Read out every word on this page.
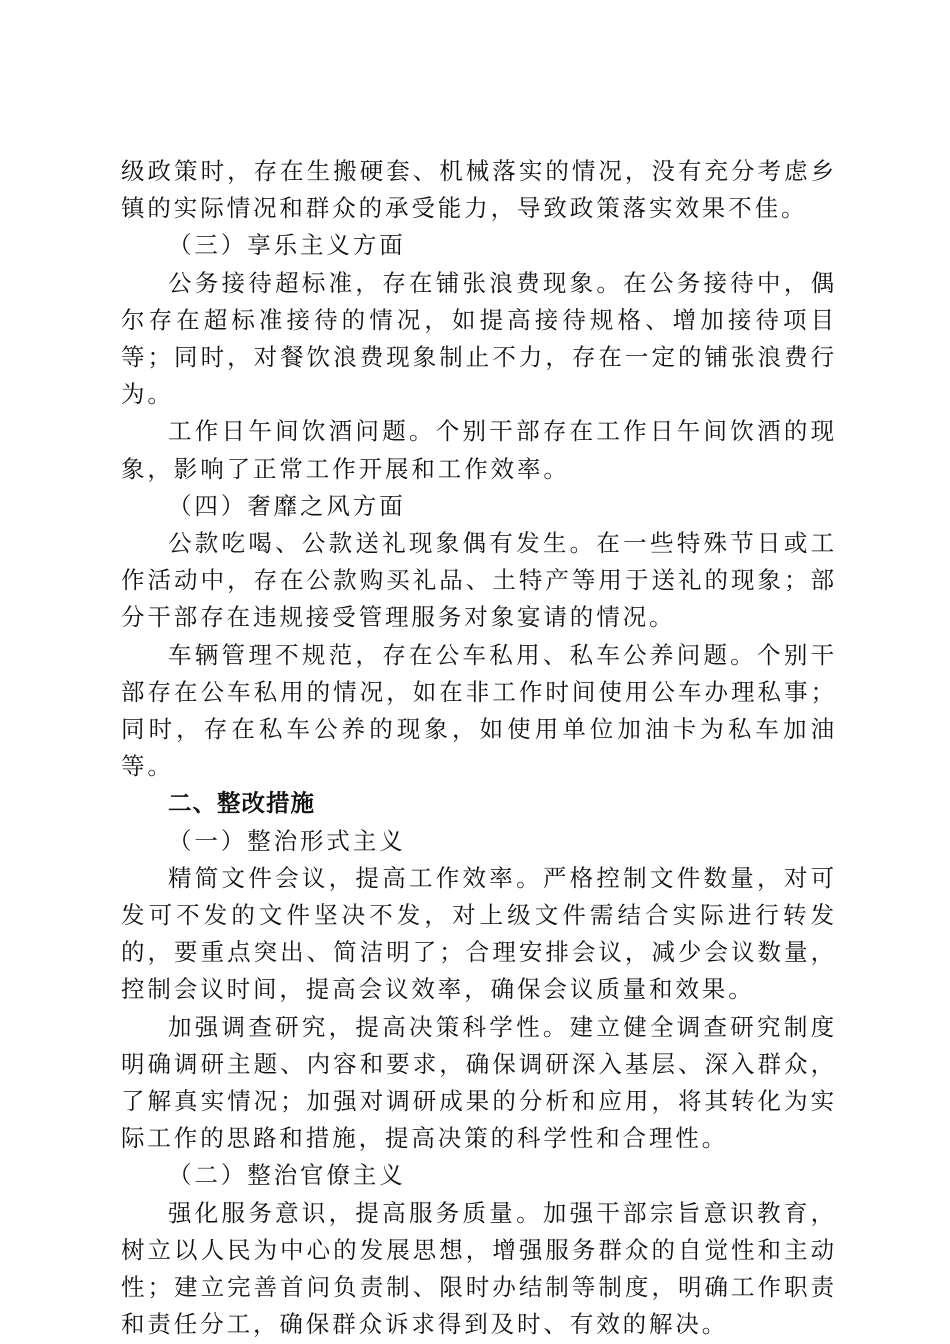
级政策时，存在生搬硬套、机械落实的情况，没有充分考虑乡镇的实际情况和群众的承受能力，导致政策落实效果不佳。

（三）享乐主义方面

公务接待超标准，存在铺张浪费现象。在公务接待中，偶尔存在超标准接待的情况，如提高接待规格、增加接待项目等；同时，对餐饮浪费现象制止不力，存在一定的铺张浪费行为。

工作日午间饮酒问题。个别干部存在工作日午间饮酒的现象，影响了正常工作开展和工作效率。

（四）奢靡之风方面

公款吃喝、公款送礼现象偶有发生。在一些特殊节日或工作活动中，存在公款购买礼品、土特产等用于送礼的现象；部分干部存在违规接受管理服务对象宴请的情况。

车辆管理不规范，存在公车私用、私车公养问题。个别干部存在公车私用的情况，如在非工作时间使用公车办理私事；同时，存在私车公养的现象，如使用单位加油卡为私车加油等。

二、整改措施

（一）整治形式主义

精简文件会议，提高工作效率。严格控制文件数量，对可发可不发的文件坚决不发，对上级文件需结合实际进行转发的，要重点突出、简洁明了；合理安排会议，减少会议数量，控制会议时间，提高会议效率，确保会议质量和效果。

加强调查研究，提高决策科学性。建立健全调查研究制度明确调研主题、内容和要求，确保调研深入基层、深入群众，了解真实情况；加强对调研成果的分析和应用，将其转化为实际工作的思路和措施，提高决策的科学性和合理性。

（二）整治官僚主义

强化服务意识，提高服务质量。加强干部宗旨意识教育，树立以人民为中心的发展思想，增强服务群众的自觉性和主动性；建立完善首问负责制、限时办结制等制度，明确工作职责和责任分工，确保群众诉求得到及时、有效的解决。
